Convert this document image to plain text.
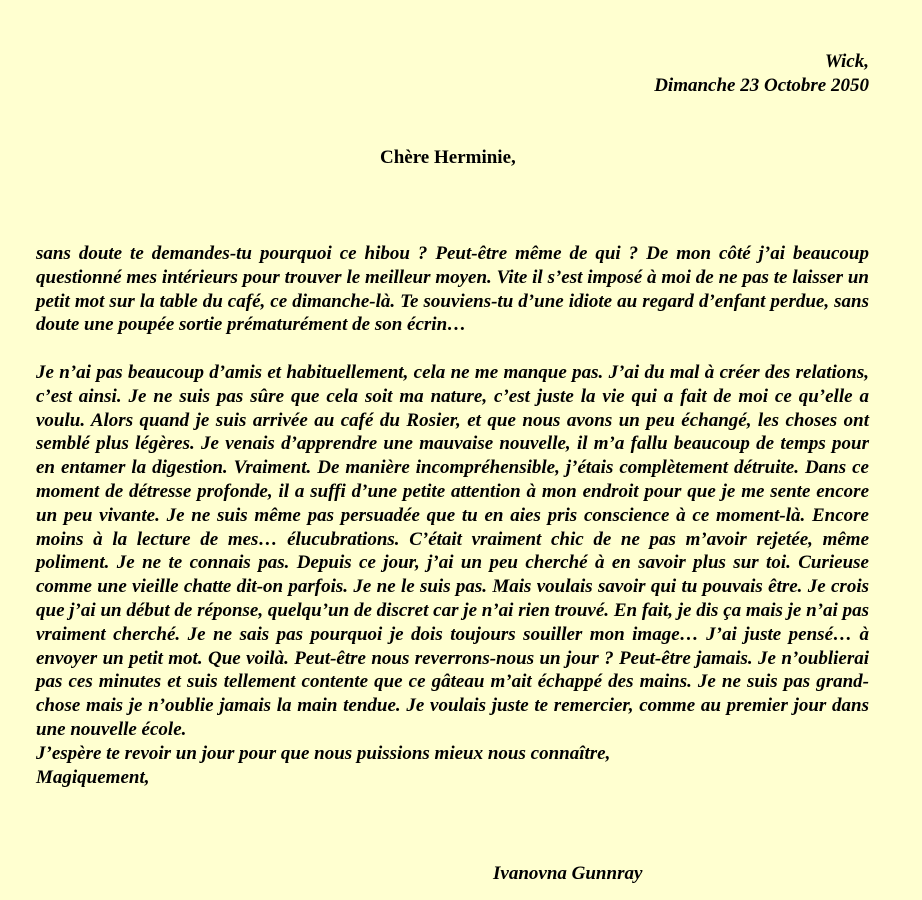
Wick,
Dimanche 23 Octobre 2050
Chère Herminie,

sans doute te demandes-tu pourquoi ce hibou ? Peut-être même de qui ? De mon côté j’ai beaucoup questionné mes intérieurs pour trouver le meilleur moyen. Vite il s’est imposé à moi de ne pas te laisser un petit mot sur la table du café, ce dimanche-là. Te souviens-tu d’une idiote au regard d’enfant perdue, sans doute une poupée sortie prématurément de son écrin…

Je n’ai pas beaucoup d’amis et habituellement, cela ne me manque pas. J’ai du mal à créer des relations, c’est ainsi. Je ne suis pas sûre que cela soit ma nature, c’est juste la vie qui a fait de moi ce qu’elle a voulu. Alors quand je suis arrivée au café du Rosier, et que nous avons un peu échangé, les choses ont semblé plus légères. Je venais d’apprendre une mauvaise nouvelle, il m’a fallu beaucoup de temps pour en entamer la digestion. Vraiment. De manière incompréhensible, j’étais complètement détruite. Dans ce moment de détresse profonde, il a suffi d’une petite attention à mon endroit pour que je me sente encore un peu vivante. Je ne suis même pas persuadée que tu en aies pris conscience à ce moment-là. Encore moins à la lecture de mes… élucubrations. C’était vraiment chic de ne pas m’avoir rejetée, même poliment. Je ne te connais pas. Depuis ce jour, j’ai un peu cherché à en savoir plus sur toi. Curieuse comme une vieille chatte dit-on parfois. Je ne le suis pas. Mais voulais savoir qui tu pouvais être. Je crois que j’ai un début de réponse, quelqu’un de discret car je n’ai rien trouvé. En fait, je dis ça mais je n’ai pas vraiment cherché. Je ne sais pas pourquoi je dois toujours souiller mon image… J’ai juste pensé… à envoyer un petit mot. Que voilà. Peut-être nous reverrons-nous un jour ? Peut-être jamais. Je n’oublierai pas ces minutes et suis tellement contente que ce gâteau m’ait échappé des mains. Je ne suis pas grand-chose mais je n’oublie jamais la main tendue. Je voulais juste te remercier, comme au premier jour dans une nouvelle école.

J’espère te revoir un jour pour que nous puissions mieux nous connaître,

Magiquement,

Ivanovna Gunnray
